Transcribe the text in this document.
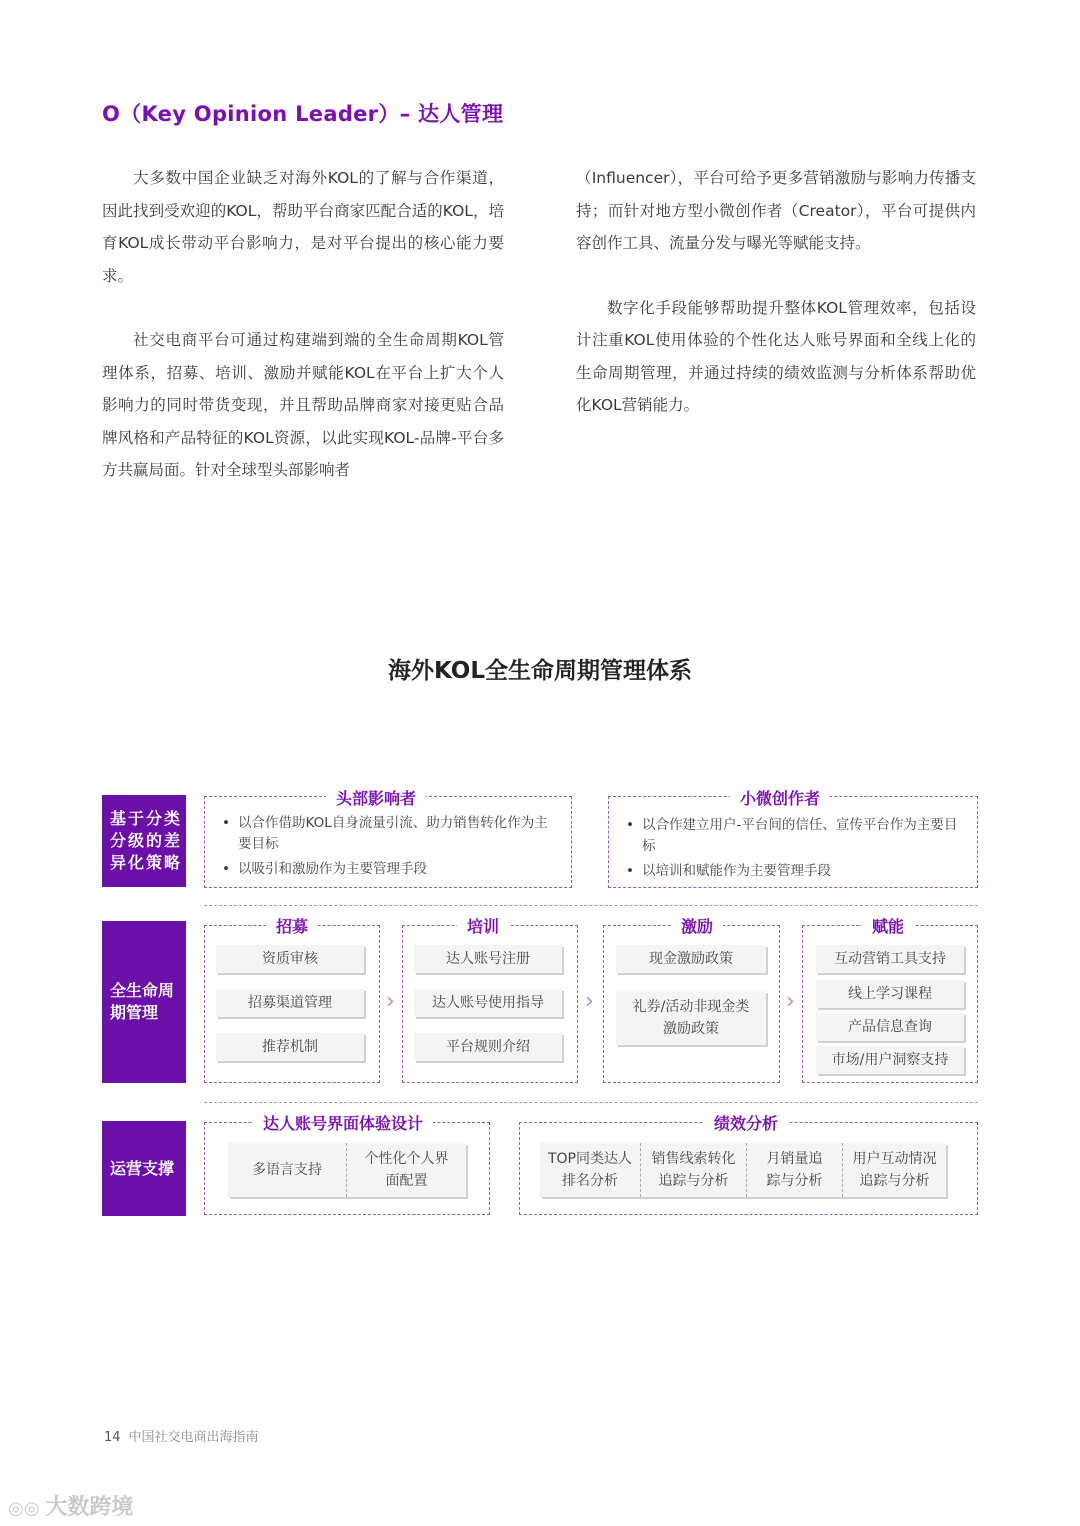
O（Key Opinion Leader）– 达人管理

大多数中国企业缺乏对海外KOL的了解与合作渠道，因此找到受欢迎的KOL，帮助平台商家匹配合适的KOL，培育KOL成长带动平台影响力，是对平台提出的核心能力要求。

社交电商平台可通过构建端到端的全生命周期KOL管理体系，招募、培训、激励并赋能KOL在平台上扩大个人影响力的同时带货变现，并且帮助品牌商家对接更贴合品牌风格和产品特征的KOL资源，以此实现KOL-品牌-平台多方共赢局面。针对全球型头部影响者

（Influencer），平台可给予更多营销激励与影响力传播支持；而针对地方型小微创作者（Creator），平台可提供内容创作工具、流量分发与曝光等赋能支持。

数字化手段能够帮助提升整体KOL管理效率，包括设计注重KOL使用体验的个性化达人账号界面和全线上化的生命周期管理，并通过持续的绩效监测与分析体系帮助优化KOL营销能力。

海外KOL全生命周期管理体系
基于分类分级的差异化策略
头部影响者
• 以合作借助KOL自身流量引流、助力销售转化作为主要目标
• 以吸引和激励作为主要管理手段
小微创作者
• 以合作建立用户-平台间的信任、宣传平台作为主要目标
• 以培训和赋能作为主要管理手段
全生命周期管理
招募
资质审核
招募渠道管理
推荐机制
›
培训
达人账号注册
达人账号使用指导
平台规则介绍
›
激励
现金激励政策
礼券/活动非现金类激励政策
›
赋能
互动营销工具支持
线上学习课程
产品信息查询
市场/用户洞察支持
运营支撑
达人账号界面体验设计
多语言支持
个性化个人界面配置
绩效分析
TOP同类达人排名分析
销售线索转化追踪与分析
月销量追踪与分析
用户互动情况追踪与分析
14 中国社交电商出海指南
◎◎ 大数跨境
